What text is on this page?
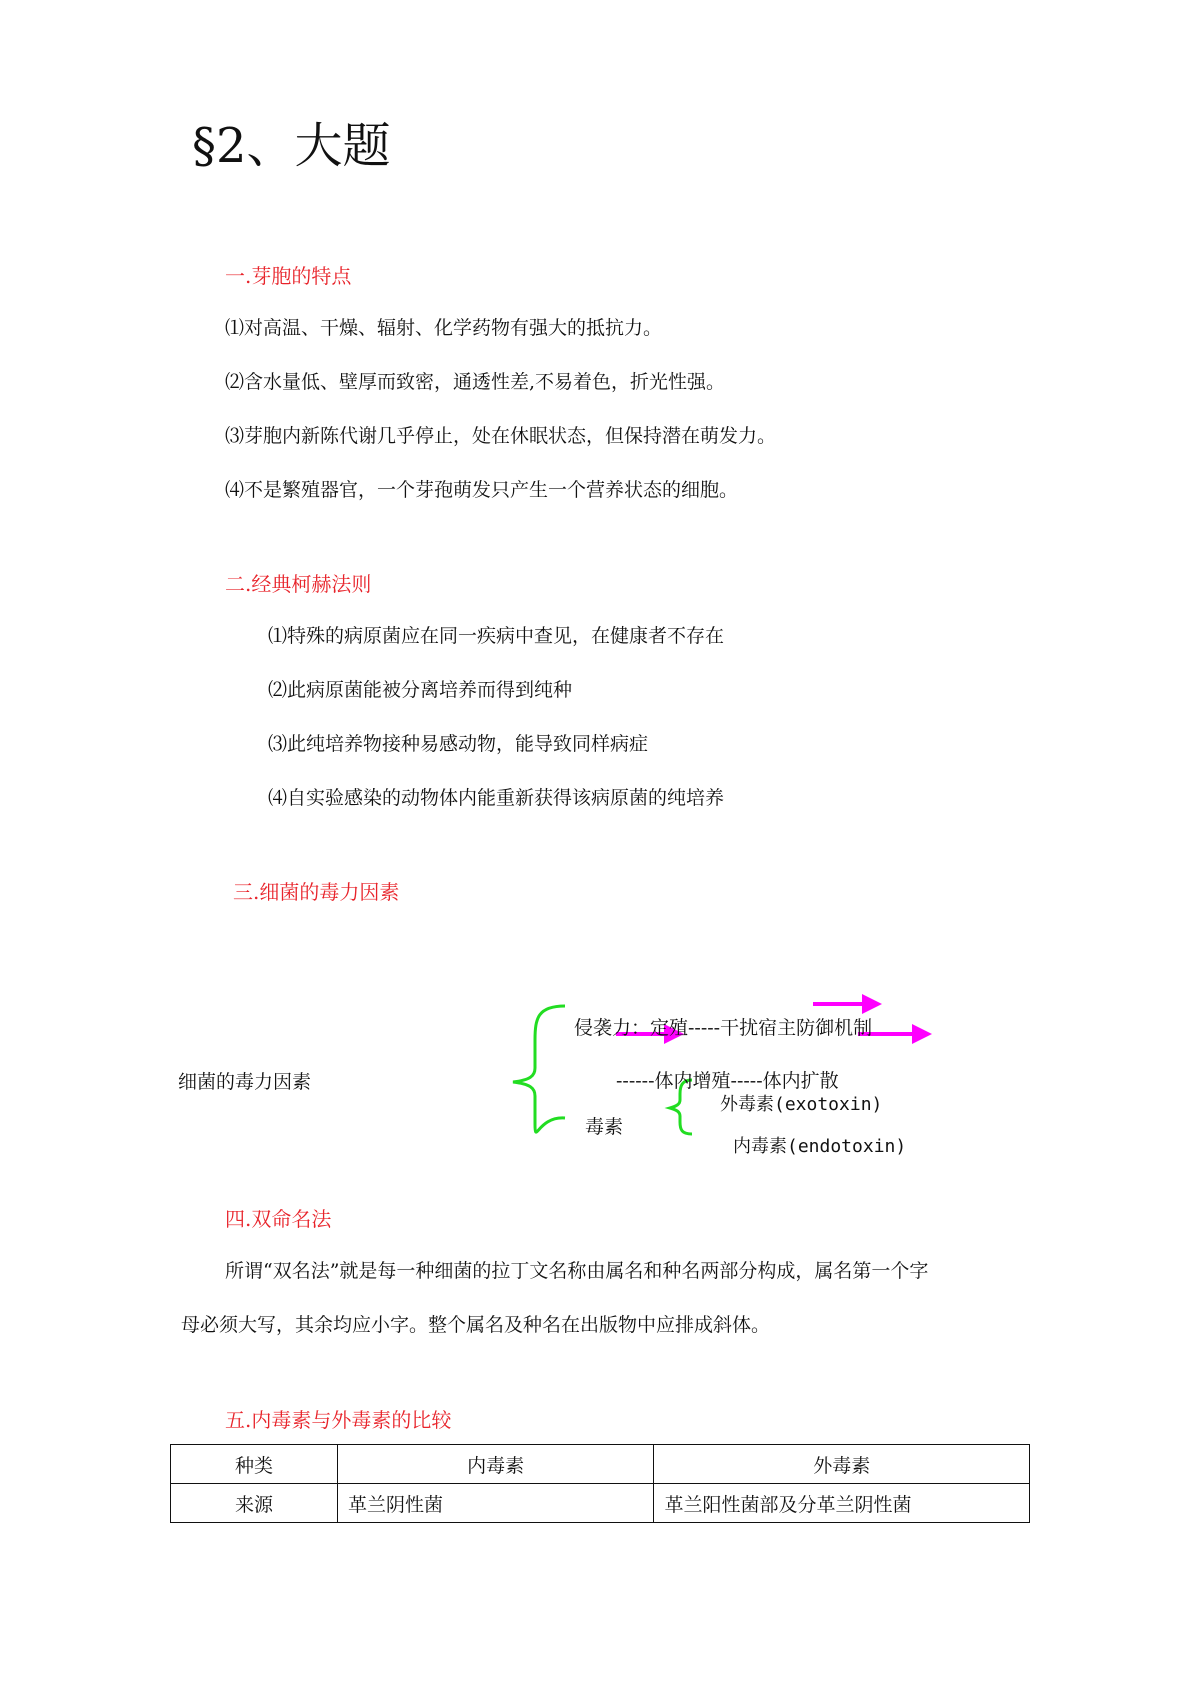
§2、大题
一.芽胞的特点
⑴对高温、干燥、辐射、化学药物有强大的抵抗力。
⑵含水量低、壁厚而致密，通透性差,不易着色，折光性强。
⑶芽胞内新陈代谢几乎停止，处在休眠状态，但保持潜在萌发力。
⑷不是繁殖器官，一个芽孢萌发只产生一个营养状态的细胞。
二.经典柯赫法则
⑴特殊的病原菌应在同一疾病中查见，在健康者不存在
⑵此病原菌能被分离培养而得到纯种
⑶此纯培养物接种易感动物，能导致同样病症
⑷自实验感染的动物体内能重新获得该病原菌的纯培养
三.细菌的毒力因素
细菌的毒力因素
侵袭力：定殖-----干扰宿主防御机制
------体内增殖-----体内扩散
毒素
外毒素(exotoxin)
内毒素(endotoxin)
四.双命名法
所谓“双名法”就是每一种细菌的拉丁文名称由属名和种名两部分构成，属名第一个字
母必须大写，其余均应小字。整个属名及种名在出版物中应排成斜体。
五.内毒素与外毒素的比较
种类	内毒素	外毒素
来源	革兰阴性菌	革兰阳性菌部及分革兰阴性菌
